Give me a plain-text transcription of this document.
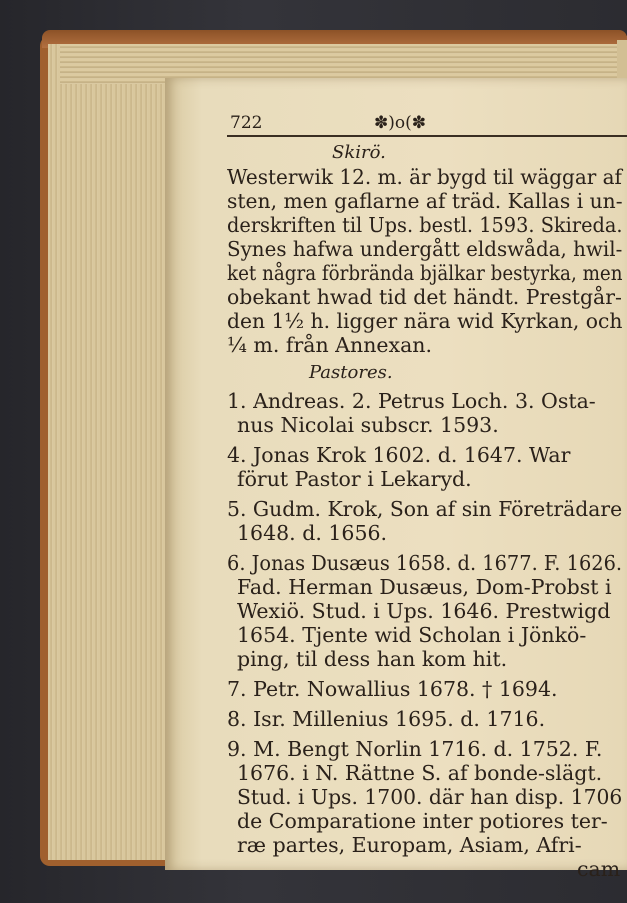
722	✽)o(✽
Skirö.
Westerwik 12. m. är bygd til wäggar af
sten, men gaflarne af träd. Kallas i un-
derskriften til Ups. bestl. 1593. Skireda.
Synes hafwa undergått eldswåda, hwil-
ket några förbrända bjälkar bestyrka, men
obekant hwad tid det händt. Prestgår-
den 1½ h. ligger nära wid Kyrkan, och
¼ m. från Annexan.
Pastores.
1. Andreas. 2. Petrus Loch. 3. Osta-
nus Nicolai subscr. 1593.
4. Jonas Krok 1602. d. 1647. War
förut Pastor i Lekaryd.
5. Gudm. Krok, Son af sin Företrädare
1648. d. 1656.
6. Jonas Dusæus 1658. d. 1677. F. 1626.
Fad. Herman Dusæus, Dom-Probst i
Wexiö. Stud. i Ups. 1646. Prestwigd
1654. Tjente wid Scholan i Jönkö-
ping, til dess han kom hit.
7. Petr. Nowallius 1678. † 1694.
8. Isr. Millenius 1695. d. 1716.
9. M. Bengt Norlin 1716. d. 1752. F.
1676. i N. Rättne S. af bonde-slägt.
Stud. i Ups. 1700. där han disp. 1706
de Comparatione inter potiores ter-
ræ partes, Europam, Asiam, Afri-
cam
